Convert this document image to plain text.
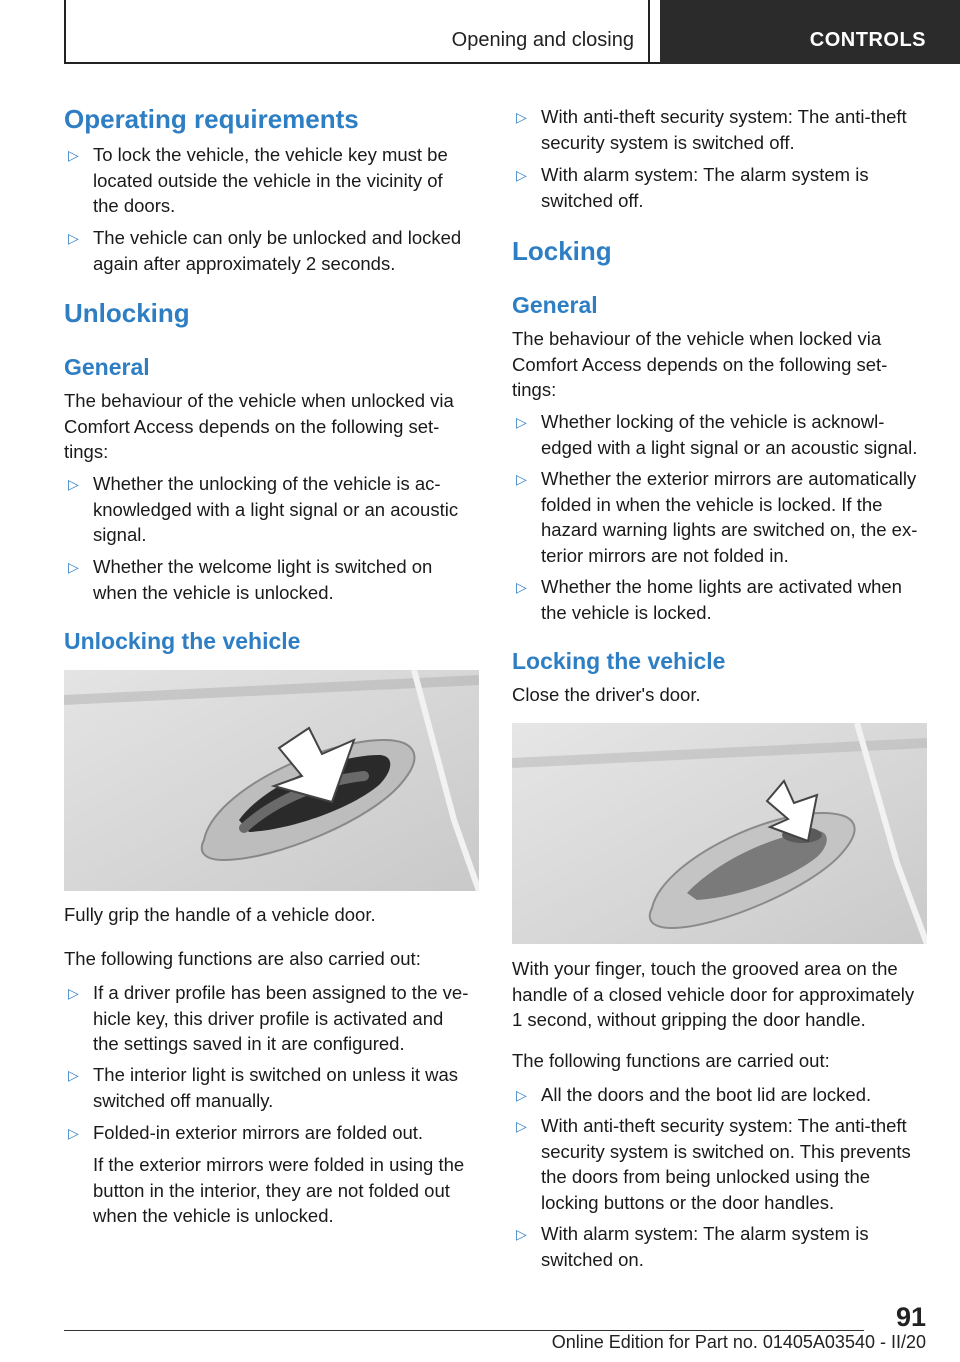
Opening and closing	CONTROLS
Operating requirements
▷ To lock the vehicle, the vehicle key must be
located outside the vehicle in the vicinity of
the doors.
▷ The vehicle can only be unlocked and locked
again after approximately 2 seconds.
Unlocking
General

The behaviour of the vehicle when unlocked via
Comfort Access depends on the following set‐
tings:

▷ Whether the unlocking of the vehicle is ac‐
knowledged with a light signal or an acoustic
signal.
▷ Whether the welcome light is switched on
when the vehicle is unlocked.
Unlocking the vehicle

Fully grip the handle of a vehicle door.

The following functions are also carried out:

▷ If a driver profile has been assigned to the ve‐
hicle key, this driver profile is activated and
the settings saved in it are configured.
▷ The interior light is switched on unless it was
switched off manually.
▷ Folded-in exterior mirrors are folded out.

If the exterior mirrors were folded in using the
button in the interior, they are not folded out
when the vehicle is unlocked.

▷ With anti-theft security system: The anti-theft
security system is switched off.
▷ With alarm system: The alarm system is
switched off.
Locking
General

The behaviour of the vehicle when locked via
Comfort Access depends on the following set‐
tings:

▷ Whether locking of the vehicle is acknowl‐
edged with a light signal or an acoustic signal.
▷ Whether the exterior mirrors are automatically
folded in when the vehicle is locked. If the
hazard warning lights are switched on, the ex‐
terior mirrors are not folded in.
▷ Whether the home lights are activated when
the vehicle is locked.
Locking the vehicle

Close the driver's door.

With your finger, touch the grooved area on the
handle of a closed vehicle door for approximately
1 second, without gripping the door handle.

The following functions are carried out:

▷ All the doors and the boot lid are locked.
▷ With anti-theft security system: The anti-theft
security system is switched on. This prevents
the doors from being unlocked using the
locking buttons or the door handles.
▷ With alarm system: The alarm system is
switched on.
91
Online Edition for Part no. 01405A03540 - II/20
